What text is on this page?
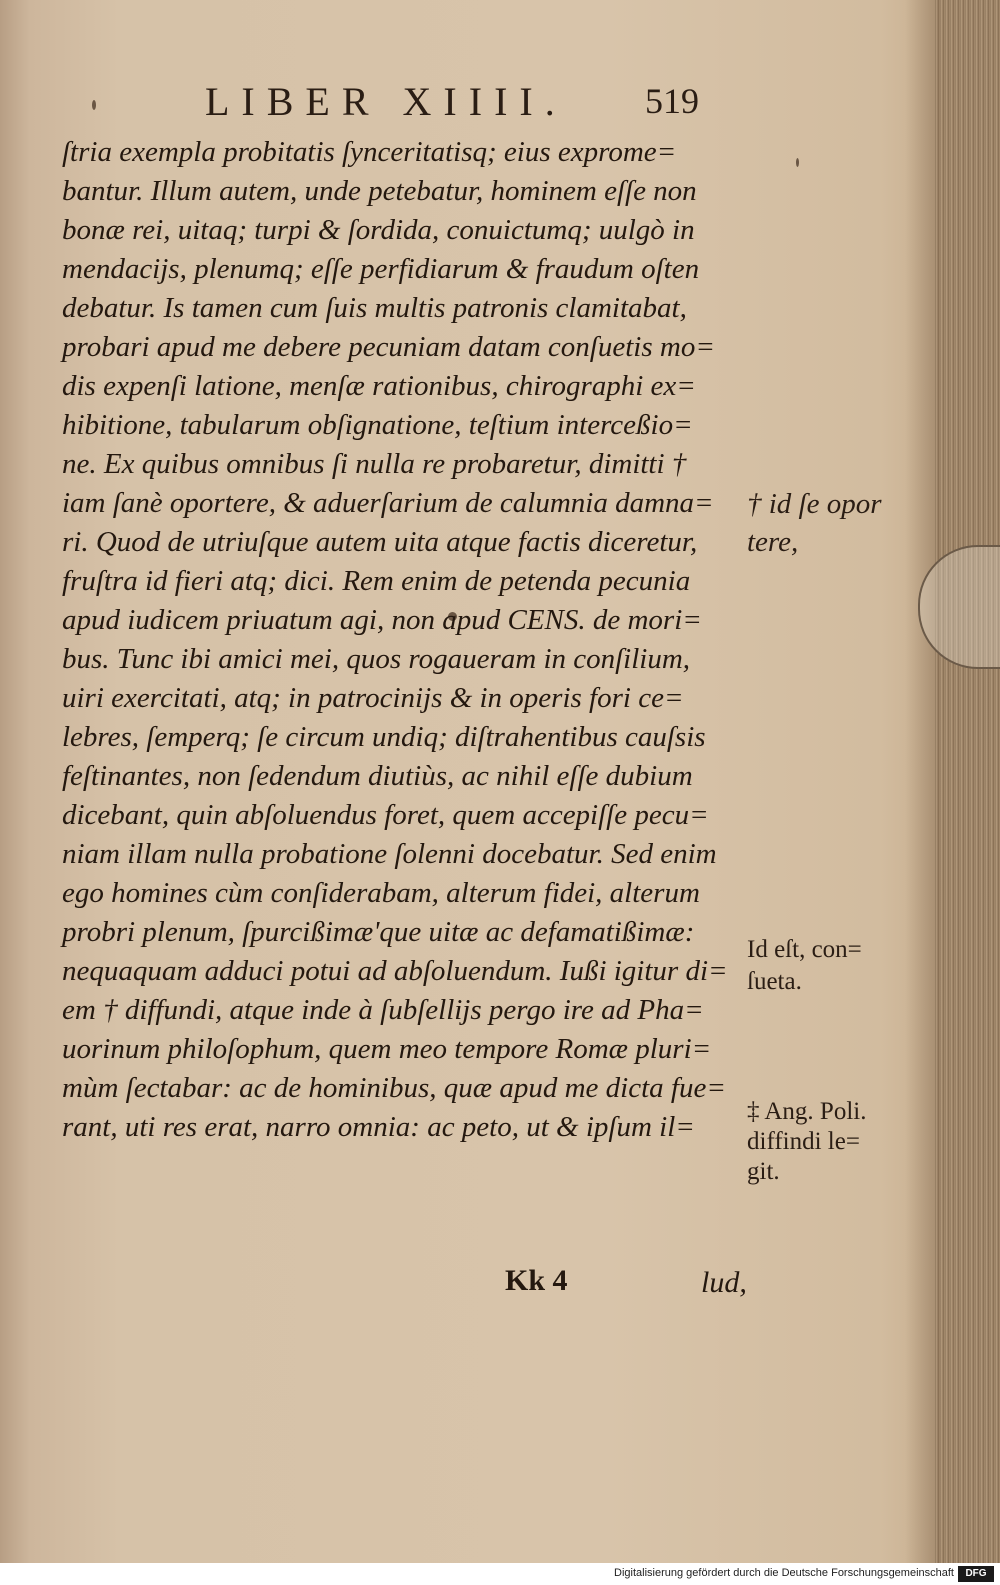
LIBER XIIII. 519
ſtria exempla probitatis ſynceritatisq; eius exprome=
bantur. Illum autem, unde petebatur, hominem eſſe non
bonæ rei, uitaq; turpi & ſordida, conuictumq; uulgò in
mendacijs, plenumq; eſſe perfidiarum & fraudum oſten
debatur. Is tamen cum ſuis multis patronis clamitabat,
probari apud me debere pecuniam datam conſuetis mo=
dis expenſi latione, menſæ rationibus, chirographi ex=
hibitione, tabularum obſignatione, teſtium interceßio=
ne. Ex quibus omnibus ſi nulla re probaretur, dimitti †
iam ſanè oportere, & aduerſarium de calumnia damna=
ri. Quod de utriuſque autem uita atque factis diceretur,
fruſtra id fieri atq; dici. Rem enim de petenda pecunia
apud iudicem priuatum agi, non apud CENS. de mori=
bus. Tunc ibi amici mei, quos rogaueram in conſilium,
uiri exercitati, atq; in patrocinijs & in operis fori ce=
lebres, ſemperq; ſe circum undiq; diſtrahentibus cauſsis
feſtinantes, non ſedendum diutiùs, ac nihil eſſe dubium
dicebant, quin abſoluendus foret, quem accepiſſe pecu=
niam illam nulla probatione ſolenni docebatur. Sed enim
ego homines cùm conſiderabam, alterum fidei, alterum
probri plenum, ſpurcißimæ'que uitæ ac defamatißimæ:
nequaquam adduci potui ad abſoluendum. Iußi igitur di=
em † diffundi, atque inde à ſubſellijs pergo ire ad Pha=
uorinum philoſophum, quem meo tempore Romæ pluri=
mùm ſectabar: ac de hominibus, quæ apud me dicta fue=
rant, uti res erat, narro omnia: ac peto, ut & ipſum il=
† id ſe opor
tere,
Id eſt, con=
ſueta.
‡ Ang. Poli.
diffindi le=
git.
Kk 4	lud,
Digitalisierung gefördert durch die Deutsche Forschungsgemeinschaft	DFG
